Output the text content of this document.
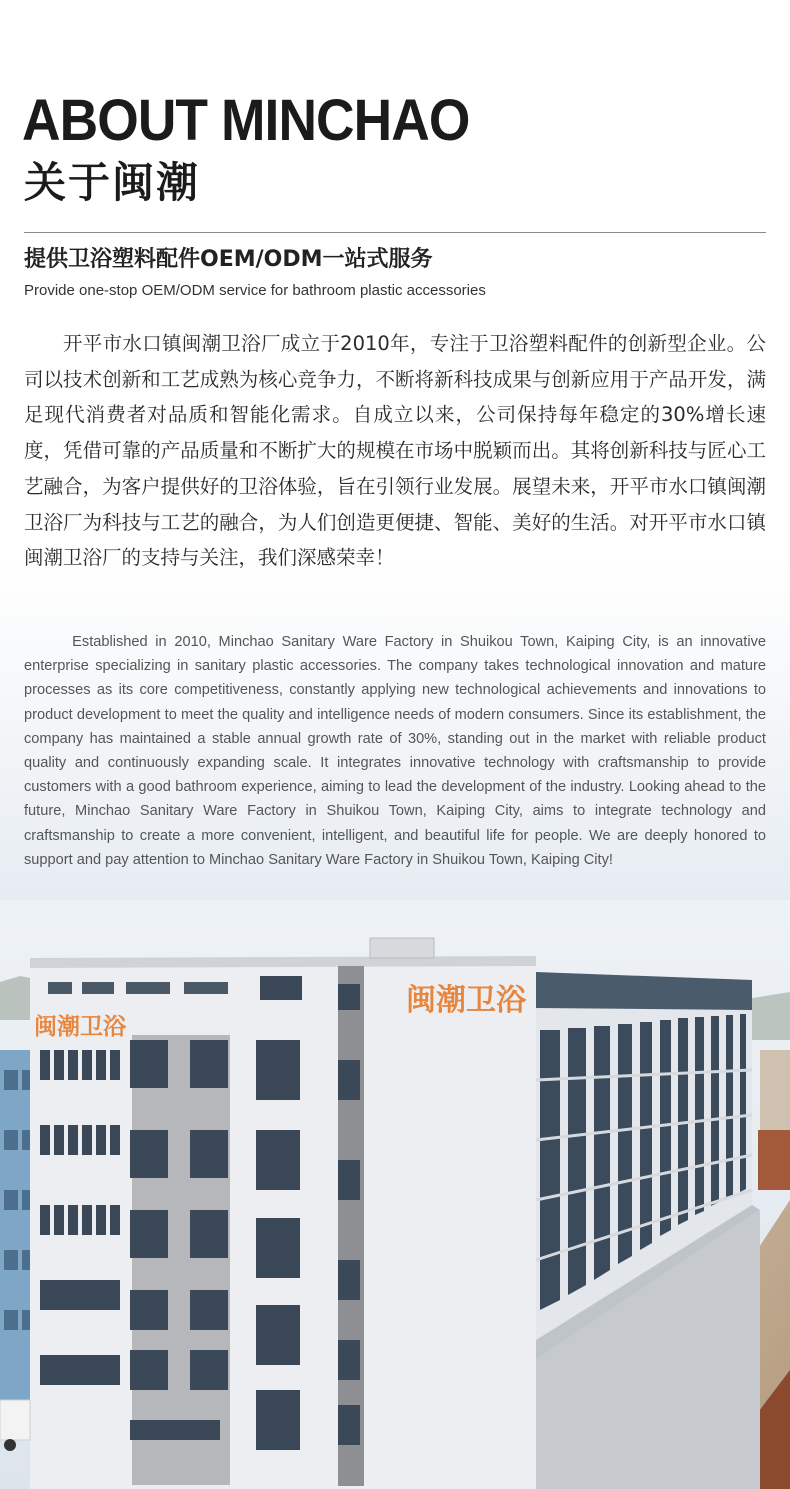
ABOUT MINCHAO
关于闽潮
提供卫浴塑料配件OEM/ODM一站式服务
Provide one-stop OEM/ODM service for bathroom plastic accessories

开平市水口镇闽潮卫浴厂成立于2010年，专注于卫浴塑料配件的创新型企业。公司以技术创新和工艺成熟为核心竞争力，不断将新科技成果与创新应用于产品开发，满足现代消费者对品质和智能化需求。自成立以来，公司保持每年稳定的30%增长速度，凭借可靠的产品质量和不断扩大的规模在市场中脱颖而出。其将创新科技与匠心工艺融合，为客户提供好的卫浴体验，旨在引领行业发展。展望未来，开平市水口镇闽潮卫浴厂为科技与工艺的融合，为人们创造更便捷、智能、美好的生活。对开平市水口镇闽潮卫浴厂的支持与关注，我们深感荣幸！

Established in 2010, Minchao Sanitary Ware Factory in Shuikou Town, Kaiping City, is an innovative enterprise specializing in sanitary plastic accessories. The company takes technological innovation and mature processes as its core competitiveness, constantly applying new technological achievements and innovations to product development to meet the quality and intelligence needs of modern consumers. Since its establishment, the company has maintained a stable annual growth rate of 30%, standing out in the market with reliable product quality and continuously expanding scale. It integrates innovative technology with craftsmanship to provide customers with a good bathroom experience, aiming to lead the development of the industry. Looking ahead to the future, Minchao Sanitary Ware Factory in Shuikou Town, Kaiping City, aims to integrate technology and craftsmanship to create a more convenient, intelligent, and beautiful life for people. We are deeply honored to support and pay attention to Minchao Sanitary Ware Factory in Shuikou Town, Kaiping City!

闽潮卫浴
闽潮卫浴
